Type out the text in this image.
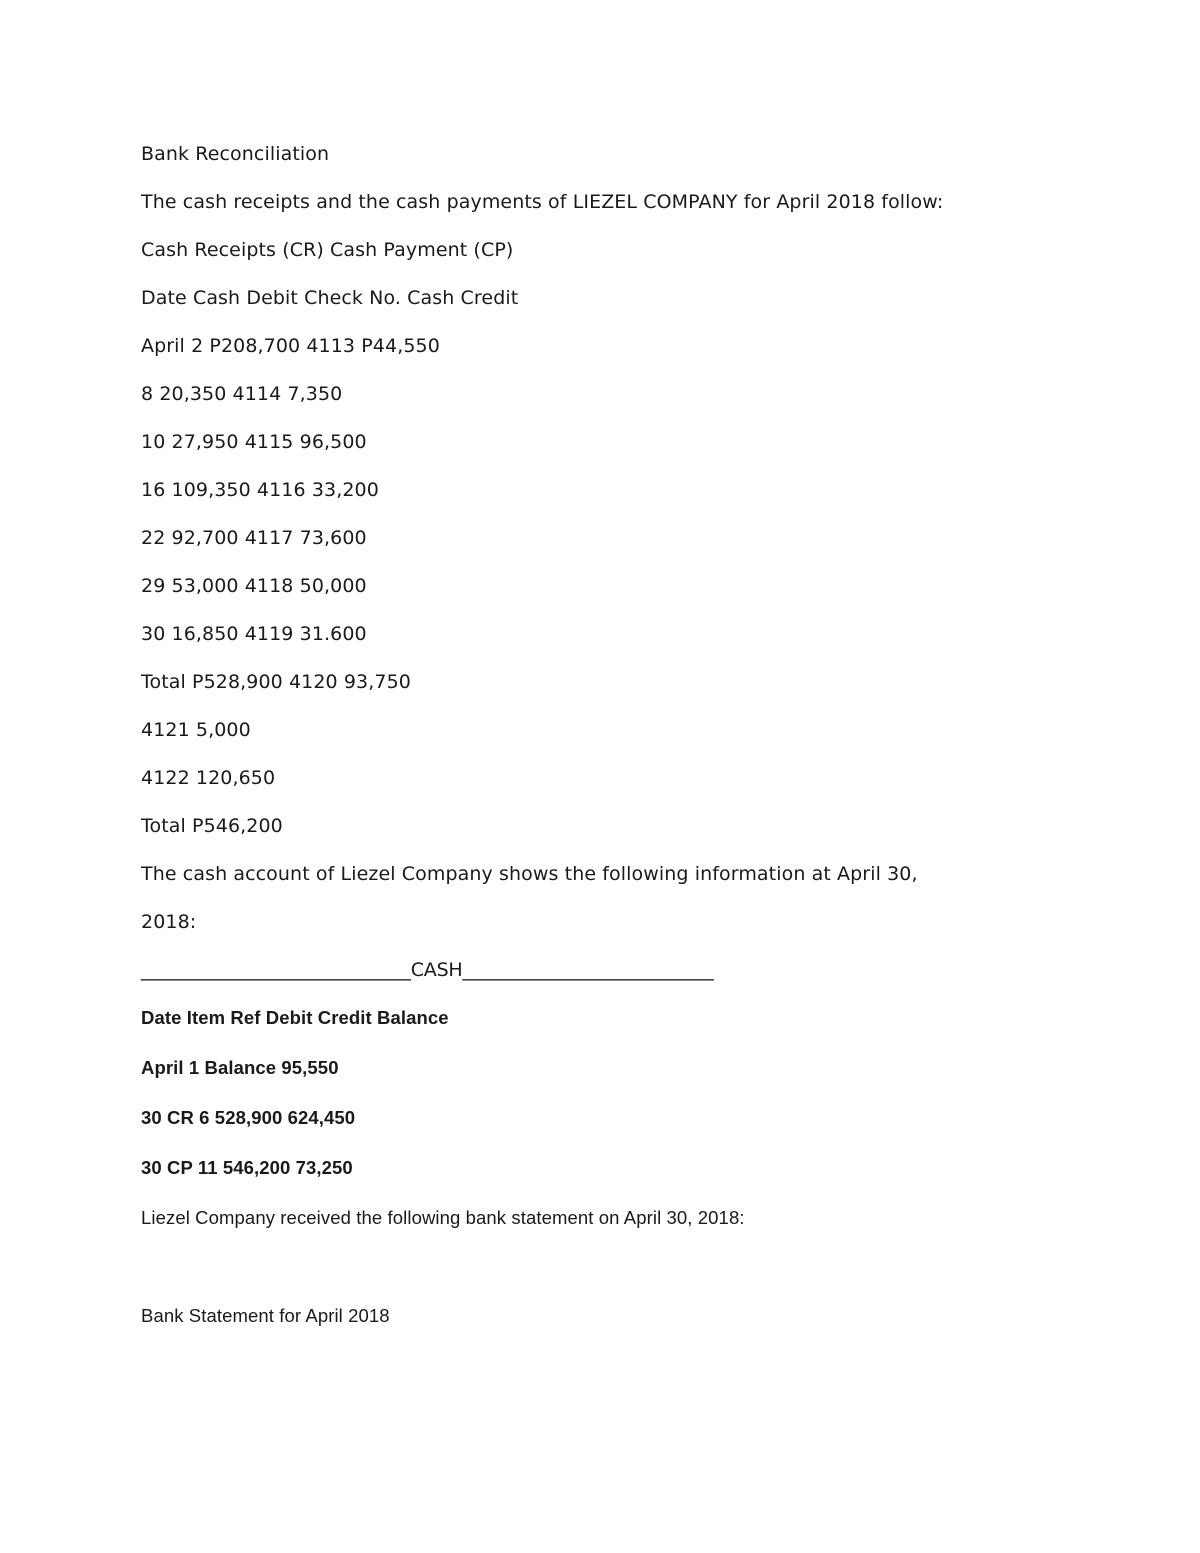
Bank Reconciliation
The cash receipts and the cash payments of LIEZEL COMPANY for April 2018 follow:
Cash Receipts (CR) Cash Payment (CP)
Date Cash Debit Check No. Cash Credit
April 2 P208,700 4113 P44,550
8 20,350 4114 7,350
10 27,950 4115 96,500
16 109,350 4116 33,200
22 92,700 4117 73,600
29 53,000 4118 50,000
30 16,850 4119 31.600
Total P528,900 4120 93,750
4121 5,000
4122 120,650
Total P546,200
The cash account of Liezel Company shows the following information at April 30,
2018:
_____________________________CASH___________________________
Date Item Ref Debit Credit Balance
April 1 Balance 95,550
30 CR 6 528,900 624,450
30 CP 11 546,200 73,250
Liezel Company received the following bank statement on April 30, 2018:
Bank Statement for April 2018
